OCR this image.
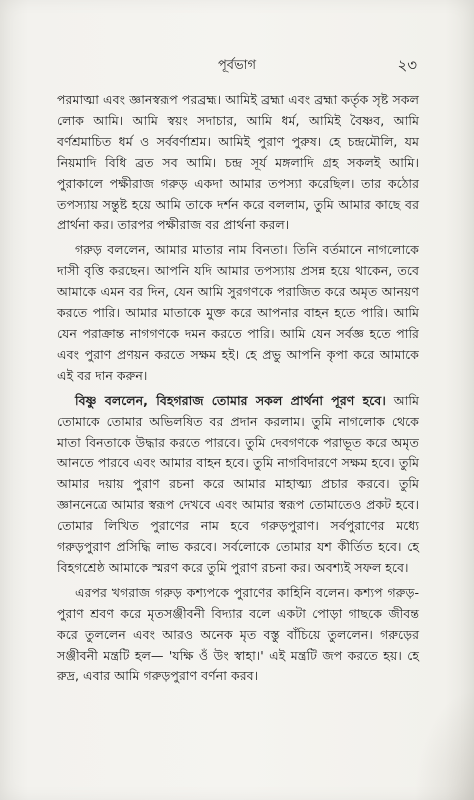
পূর্বভাগ	২৩

পরমাত্মা এবং জ্ঞানস্বরূপ পরব্রহ্ম। আমিই ব্রহ্মা এবং ব্রহ্মা কর্তৃক সৃষ্ট সকল লোক আমি। আমি স্বয়ং সদাচার, আমি ধর্ম, আমিই বৈষ্ণব, আমি বর্ণশ্রমাচিত ধর্ম ও সর্ববর্ণাশ্রম। আমিই পুরাণ পুরুষ। হে চন্দ্রমৌলি, যম নিয়মাদি বিধি ব্রত সব আমি। চন্দ্র সূর্য মঙ্গলাদি গ্রহ সকলই আমি। পুরাকালে পক্ষীরাজ গরুড় একদা আমার তপস্যা করেছিল। তার কঠোর তপস্যায় সন্তুষ্ট হয়ে আমি তাকে দর্শন করে বললাম, তুমি আমার কাছে বর প্রার্থনা কর। তারপর পক্ষীরাজ বর প্রার্থনা করল।

গরুড় বললেন, আমার মাতার নাম বিনতা। তিনি বর্তমানে নাগলোকে দাসী বৃত্তি করছেন। আপনি যদি আমার তপস্যায় প্রসন্ন হয়ে থাকেন, তবে আমাকে এমন বর দিন, যেন আমি সুরগণকে পরাজিত করে অমৃত আনয়ণ করতে পারি। আমার মাতাকে মুক্ত করে আপনার বাহন হতে পারি। আমি যেন পরাক্রান্ত নাগগণকে দমন করতে পারি। আমি যেন সর্বজ্ঞ হতে পারি এবং পুরাণ প্রণয়ন করতে সক্ষম হই। হে প্রভু আপনি কৃপা করে আমাকে এই বর দান করুন।

বিষ্ণু বললেন, বিহগরাজ তোমার সকল প্রার্থনা পূরণ হবে। আমি তোমাকে তোমার অভিলষিত বর প্রদান করলাম। তুমি নাগলোক থেকে মাতা বিনতাকে উদ্ধার করতে পারবে। তুমি দেবগণকে পরাভূত করে অমৃত আনতে পারবে এবং আমার বাহন হবে। তুমি নাগবিদারণে সক্ষম হবে। তুমি আমার দয়ায় পুরাণ রচনা করে আমার মাহাত্ম্য প্রচার করবে। তুমি জ্ঞাননেত্রে আমার স্বরূপ দেখবে এবং আমার স্বরূপ তোমাতেও প্রকট হবে। তোমার লিখিত পুরাণের নাম হবে গরুড়পুরাণ। সর্বপুরাণের মধ্যে গরুড়পুরাণ প্রসিদ্ধি লাভ করবে। সর্বলোকে তোমার যশ কীর্তিত হবে। হে বিহগশ্রেষ্ঠ আমাকে স্মরণ করে তুমি পুরাণ রচনা কর। অবশ্যই সফল হবে।

এরপর খগরাজ গরুড় কশ্যপকে পুরাণের কাহিনি বলেন। কশ্যপ গরুড়- পুরাণ শ্রবণ করে মৃতসঞ্জীবনী বিদ্যার বলে একটা পোড়া গাছকে জীবন্ত করে তুললেন এবং আরও অনেক মৃত বস্তু বাঁচিয়ে তুললেন। গরুড়ের সঞ্জীবনী মন্ত্রটি হল— 'যক্ষি ওঁ উং স্বাহা।' এই মন্ত্রটি জপ করতে হয়। হে রুদ্র, এবার আমি গরুড়পুরাণ বর্ণনা করব।
